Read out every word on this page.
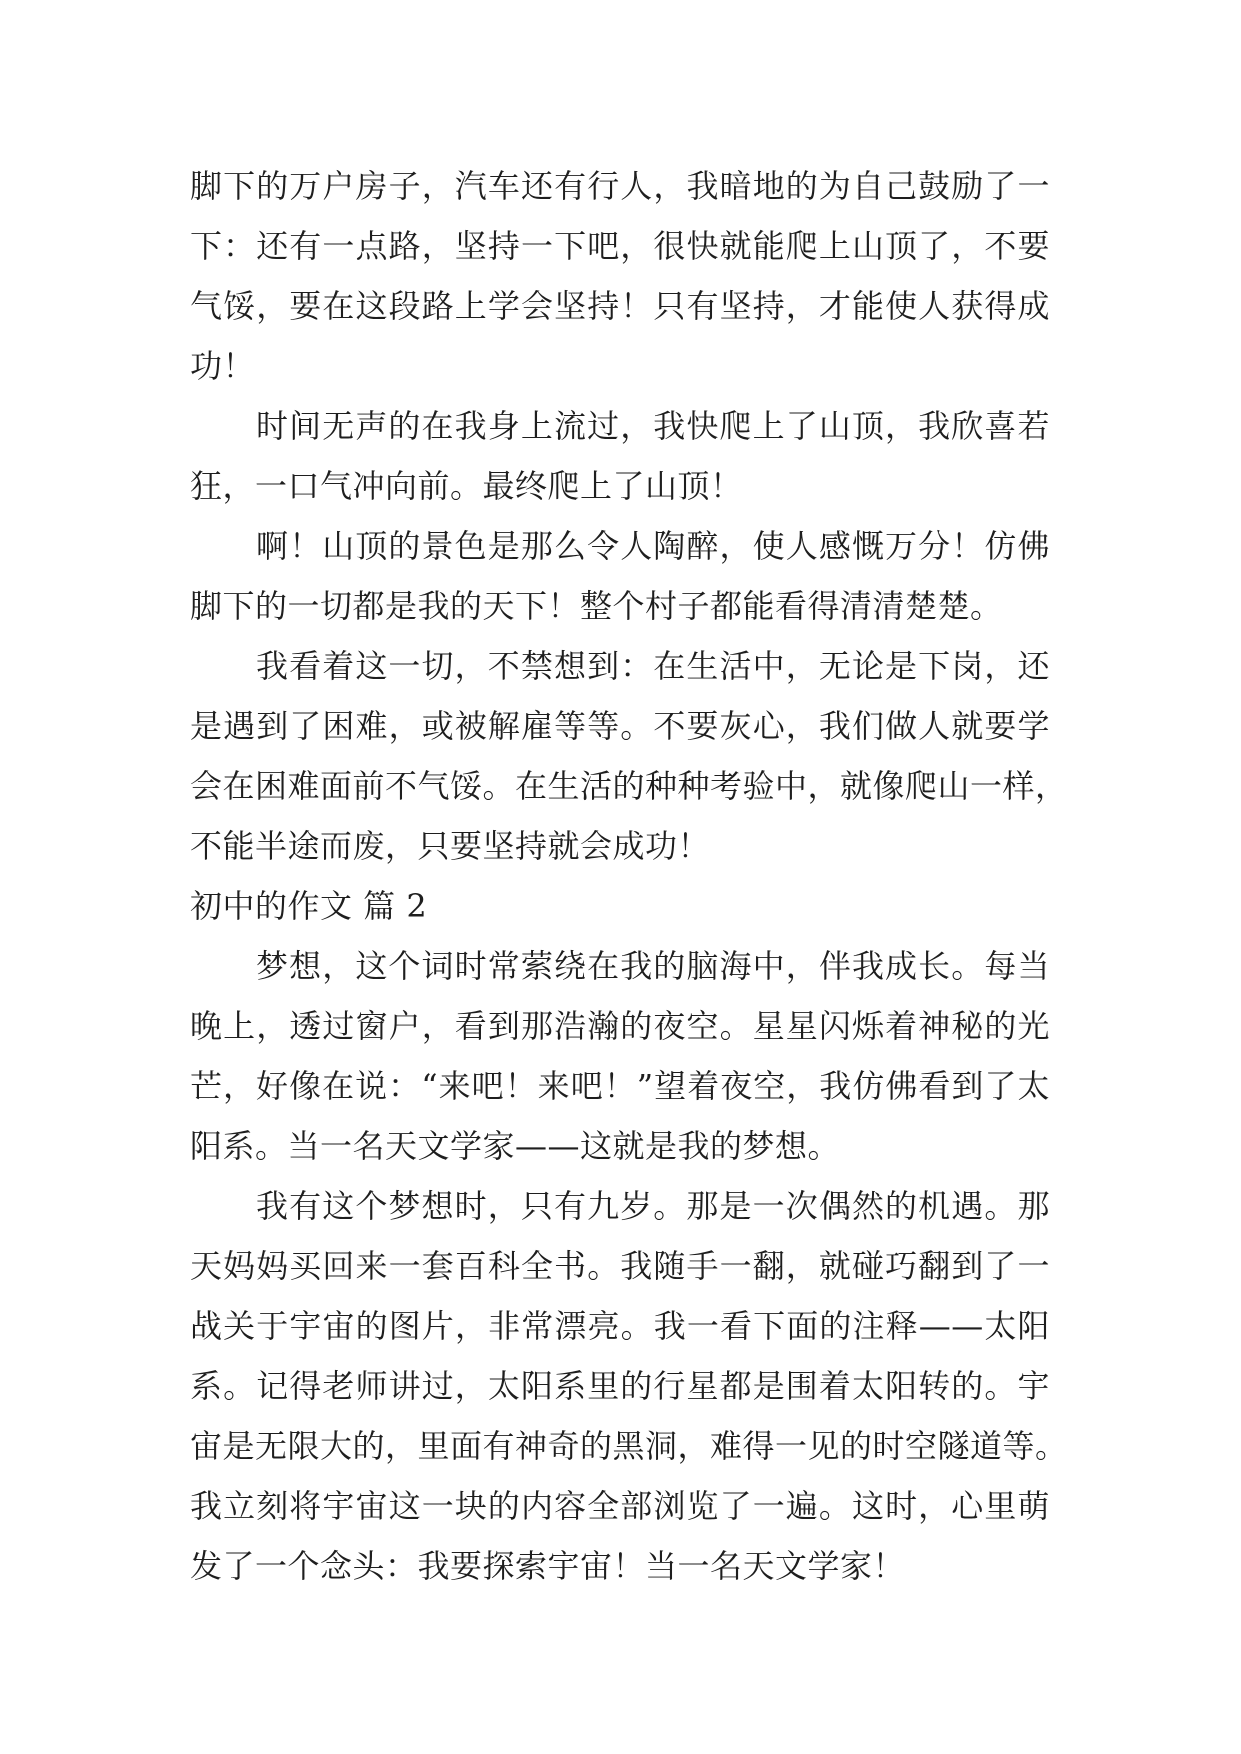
脚下的万户房子，汽车还有行人，我暗地的为自己鼓励了一
下：还有一点路，坚持一下吧，很快就能爬上山顶了，不要
气馁，要在这段路上学会坚持！只有坚持，才能使人获得成
功！
时间无声的在我身上流过，我快爬上了山顶，我欣喜若
狂，一口气冲向前。最终爬上了山顶！
啊！山顶的景色是那么令人陶醉，使人感慨万分！仿佛
脚下的一切都是我的天下！整个村子都能看得清清楚楚。
我看着这一切，不禁想到：在生活中，无论是下岗，还
是遇到了困难，或被解雇等等。不要灰心，我们做人就要学
会在困难面前不气馁。在生活的种种考验中，就像爬山一样，
不能半途而废，只要坚持就会成功！
初中的作文 篇 2
梦想，这个词时常萦绕在我的脑海中，伴我成长。每当
晚上，透过窗户，看到那浩瀚的夜空。星星闪烁着神秘的光
芒，好像在说：“来吧！来吧！”望着夜空，我仿佛看到了太
阳系。当一名天文学家——这就是我的梦想。
我有这个梦想时，只有九岁。那是一次偶然的机遇。那
天妈妈买回来一套百科全书。我随手一翻，就碰巧翻到了一
战关于宇宙的图片，非常漂亮。我一看下面的注释——太阳
系。记得老师讲过，太阳系里的行星都是围着太阳转的。宇
宙是无限大的，里面有神奇的黑洞，难得一见的时空隧道等。
我立刻将宇宙这一块的内容全部浏览了一遍。这时，心里萌
发了一个念头：我要探索宇宙！当一名天文学家！
